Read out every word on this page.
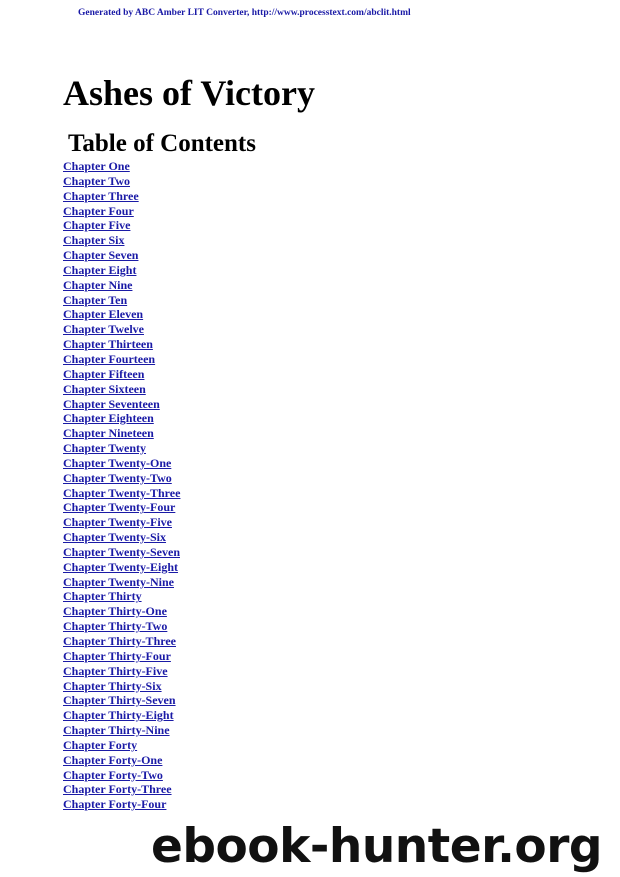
Generated by ABC Amber LIT Converter, http://www.processtext.com/abclit.html
Ashes of Victory
Table of Contents
Chapter One
Chapter Two
Chapter Three
Chapter Four
Chapter Five
Chapter Six
Chapter Seven
Chapter Eight
Chapter Nine
Chapter Ten
Chapter Eleven
Chapter Twelve
Chapter Thirteen
Chapter Fourteen
Chapter Fifteen
Chapter Sixteen
Chapter Seventeen
Chapter Eighteen
Chapter Nineteen
Chapter Twenty
Chapter Twenty-One
Chapter Twenty-Two
Chapter Twenty-Three
Chapter Twenty-Four
Chapter Twenty-Five
Chapter Twenty-Six
Chapter Twenty-Seven
Chapter Twenty-Eight
Chapter Twenty-Nine
Chapter Thirty
Chapter Thirty-One
Chapter Thirty-Two
Chapter Thirty-Three
Chapter Thirty-Four
Chapter Thirty-Five
Chapter Thirty-Six
Chapter Thirty-Seven
Chapter Thirty-Eight
Chapter Thirty-Nine
Chapter Forty
Chapter Forty-One
Chapter Forty-Two
Chapter Forty-Three
Chapter Forty-Four
ebook-hunter.org
